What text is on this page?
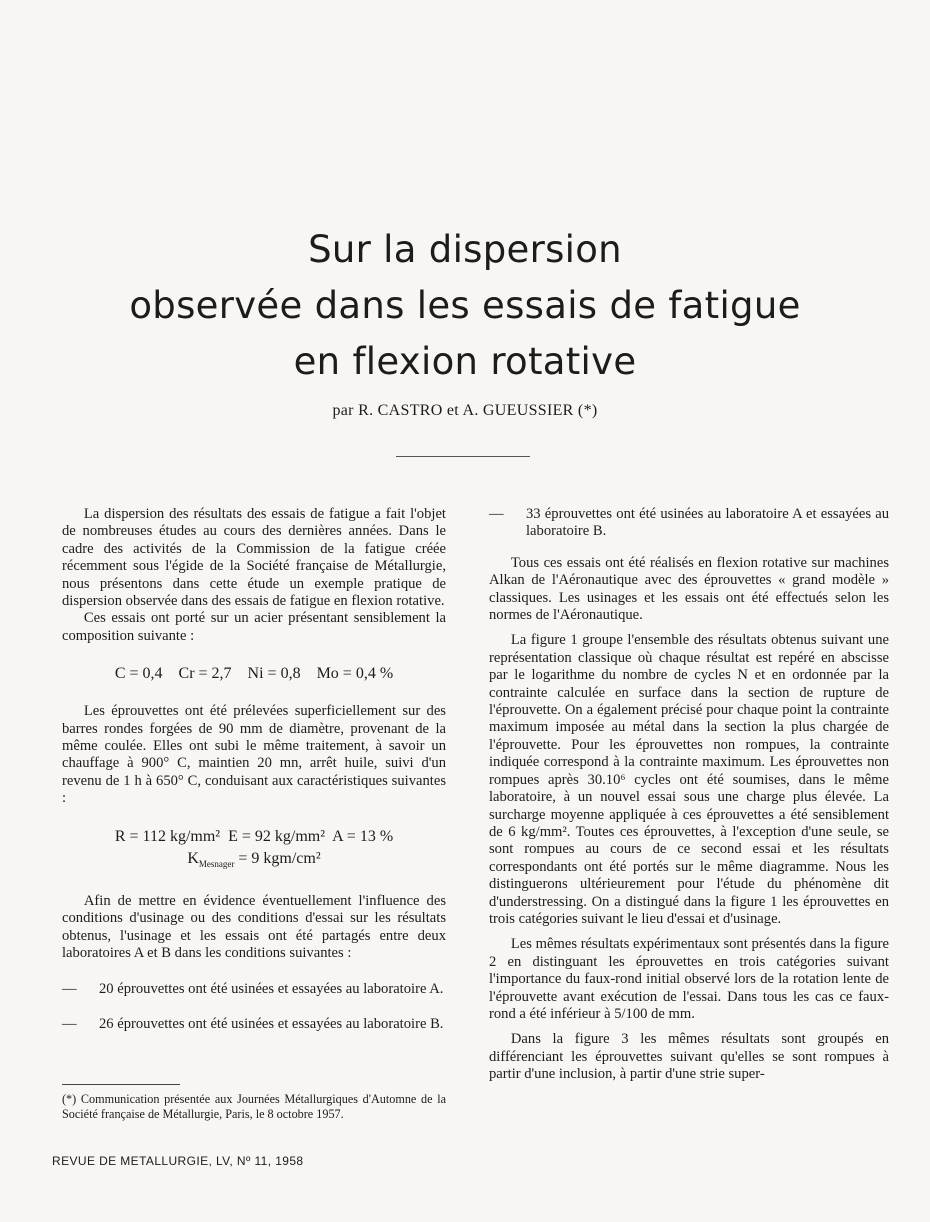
Sur la dispersion
observée dans les essais de fatigue
en flexion rotative
par R. CASTRO et A. GUEUSSIER (*)

La dispersion des résultats des essais de fatigue a fait l'objet de nombreuses études au cours des dernières années. Dans le cadre des activités de la Commission de la fatigue créée récemment sous l'égide de la Société française de Métallurgie, nous présentons dans cette étude un exemple pratique de dispersion observée dans des essais de fatigue en flexion rotative.

Ces essais ont porté sur un acier présentant sensiblement la composition suivante :

C = 0,4    Cr = 2,7    Ni = 0,8    Mo = 0,4 %

Les éprouvettes ont été prélevées superficiellement sur des barres rondes forgées de 90 mm de diamètre, provenant de la même coulée. Elles ont subi le même traitement, à savoir un chauffage à 900° C, maintien 20 mn, arrêt huile, suivi d'un revenu de 1 h à 650° C, conduisant aux caractéristiques suivantes :

R = 112 kg/mm²  E = 92 kg/mm²  A = 13 %

$K_{Mesnager} = 9$ kgm/cm²

Afin de mettre en évidence éventuellement l'influence des conditions d'usinage ou des conditions d'essai sur les résultats obtenus, l'usinage et les essais ont été partagés entre deux laboratoires A et B dans les conditions suivantes :

— 20 éprouvettes ont été usinées et essayées au laboratoire A.

— 26 éprouvettes ont été usinées et essayées au laboratoire B.

— 33 éprouvettes ont été usinées au laboratoire A et essayées au laboratoire B.

Tous ces essais ont été réalisés en flexion rotative sur machines Alkan de l'Aéronautique avec des éprouvettes « grand modèle » classiques. Les usinages et les essais ont été effectués selon les normes de l'Aéronautique.

La figure 1 groupe l'ensemble des résultats obtenus suivant une représentation classique où chaque résultat est repéré en abscisse par le logarithme du nombre de cycles N et en ordonnée par la contrainte calculée en surface dans la section de rupture de l'éprouvette. On a également précisé pour chaque point la contrainte maximum imposée au métal dans la section la plus chargée de l'éprouvette. Pour les éprouvettes non rompues, la contrainte indiquée correspond à la contrainte maximum. Les éprouvettes non rompues après 30.10⁶ cycles ont été soumises, dans le même laboratoire, à un nouvel essai sous une charge plus élevée. La surcharge moyenne appliquée à ces éprouvettes a été sensiblement de 6 kg/mm². Toutes ces éprouvettes, à l'exception d'une seule, se sont rompues au cours de ce second essai et les résultats correspondants ont été portés sur le même diagramme. Nous les distinguerons ultérieurement pour l'étude du phénomène dit d'understressing. On a distingué dans la figure 1 les éprouvettes en trois catégories suivant le lieu d'essai et d'usinage.

Les mêmes résultats expérimentaux sont présentés dans la figure 2 en distinguant les éprouvettes en trois catégories suivant l'importance du faux-rond initial observé lors de la rotation lente de l'éprouvette avant exécution de l'essai. Dans tous les cas ce faux-rond a été inférieur à 5/100 de mm.

Dans la figure 3 les mêmes résultats sont groupés en différenciant les éprouvettes suivant qu'elles se sont rompues à partir d'une inclusion, à partir d'une strie super-

(*) Communication présentée aux Journées Métallurgiques d'Automne de la Société française de Métallurgie, Paris, le 8 octobre 1957.
REVUE DE METALLURGIE, LV, Nº 11, 1958
